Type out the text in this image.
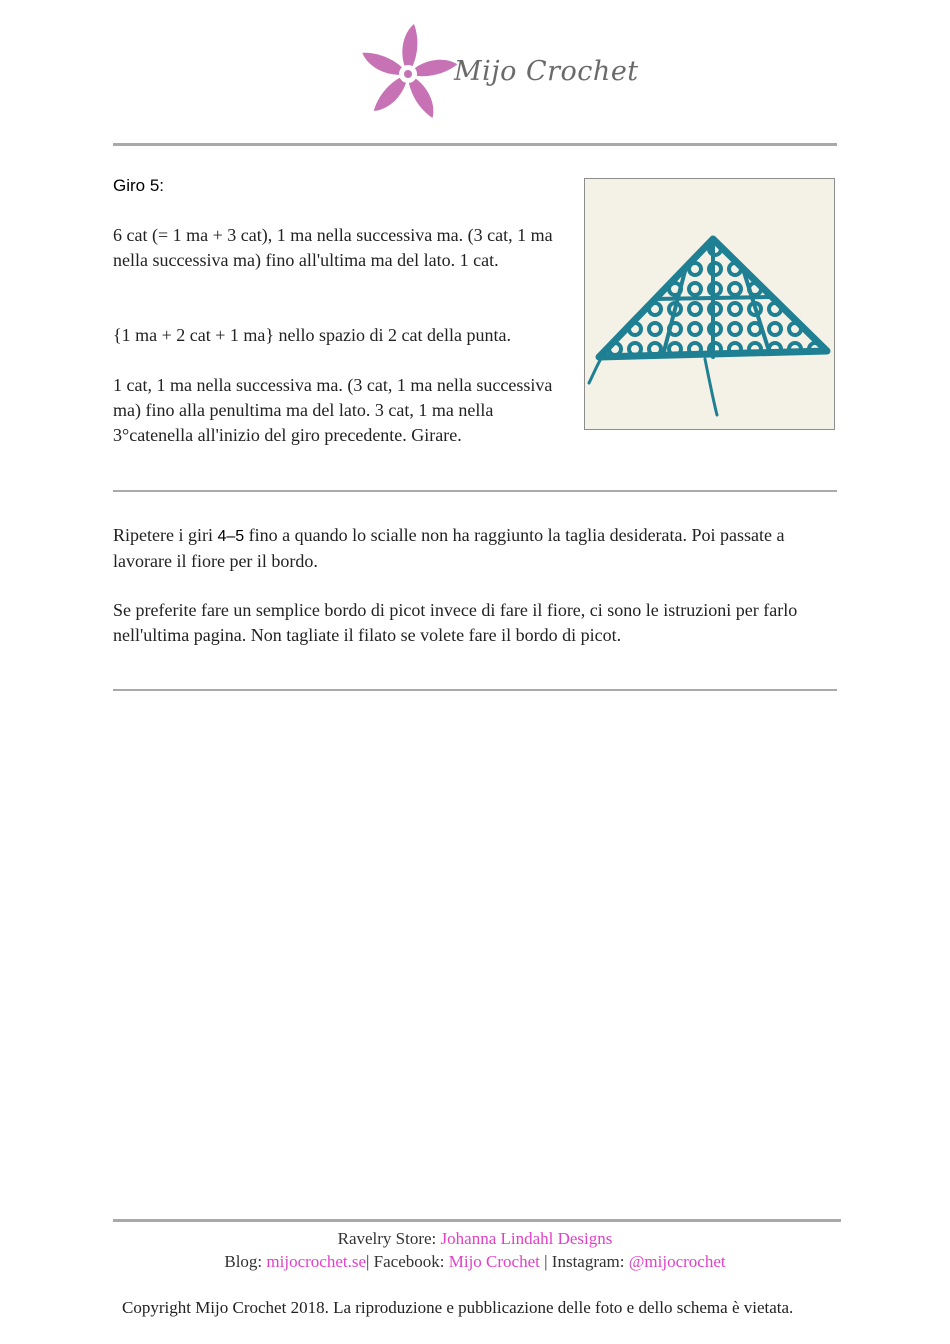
Mijo Crochet
Giro 5:

6 cat (= 1 ma + 3 cat), 1 ma nella successiva ma. (3 cat, 1 ma nella successiva ma) fino all'ultima ma del lato. 1 cat.

{1 ma + 2 cat + 1 ma} nello spazio di 2 cat della punta.

1 cat, 1 ma nella successiva ma. (3 cat, 1 ma nella successiva ma) fino alla penultima ma del lato. 3 cat, 1 ma nella 3°catenella all'inizio del giro precedente. Girare.

Ripetere i giri 4–5 fino a quando lo scialle non ha raggiunto la taglia desiderata. Poi passate a lavorare il fiore per il bordo.

Se preferite fare un semplice bordo di picot invece di fare il fiore, ci sono le istruzioni per farlo nell'ultima pagina. Non tagliate il filato se volete fare il bordo di picot.

Ravelry Store: Johanna Lindahl Designs
Blog: mijocrochet.se| Facebook: Mijo Crochet | Instagram: @mijocrochet
Copyright Mijo Crochet 2018. La riproduzione e pubblicazione delle foto e dello schema è vietata.
